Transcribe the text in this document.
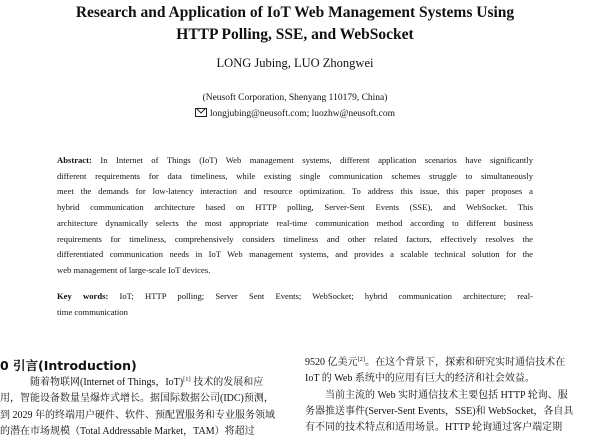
Research and Application of IoT Web Management Systems Using
HTTP Polling, SSE, and WebSocket
LONG Jubing, LUO Zhongwei
(Neusoft Corporation, Shenyang 110179, China)
longjubing@neusoft.com; luozhw@neusoft.com
Abstract: In Internet of Things (IoT) Web management systems, different application scenarios have significantly
different requirements for data timeliness, while existing single communication schemes struggle to simultaneously
meet the demands for low-latency interaction and resource optimization. To address this issue, this paper proposes a
hybrid communication architecture based on HTTP polling, Server-Sent Events (SSE), and WebSocket. This
architecture dynamically selects the most appropriate real-time communication method according to different business
requirements for timeliness, comprehensively considers timeliness and other related factors, effectively resolves the
differentiated communication needs in IoT Web management systems, and provides a scalable technical solution for the
web management of large-scale IoT devices.
Key words: IoT; HTTP polling; Server Sent Events; WebSocket; hybrid communication architecture; real-
time communication
0 引言(Introduction)
随着物联网(Internet of Things，IoT)[1] 技术的发展和应
用，智能设备数量呈爆炸式增长。据国际数据公司(IDC)预测，
到 2029 年的终端用户硬件、软件、预配置服务和专业服务领域
的潜在市场规模（Total Addressable Market，TAM）将超过
9520 亿美元[2]。在这个背景下，探索和研究实时通信技术在
IoT 的 Web 系统中的应用有巨大的经济和社会效益。
当前主流的 Web 实时通信技术主要包括 HTTP 轮询、服
务器推送事件(Server-Sent Events，SSE)和 WebSocket，各自具
有不同的技术特点和适用场景。HTTP 轮询通过客户端定期
